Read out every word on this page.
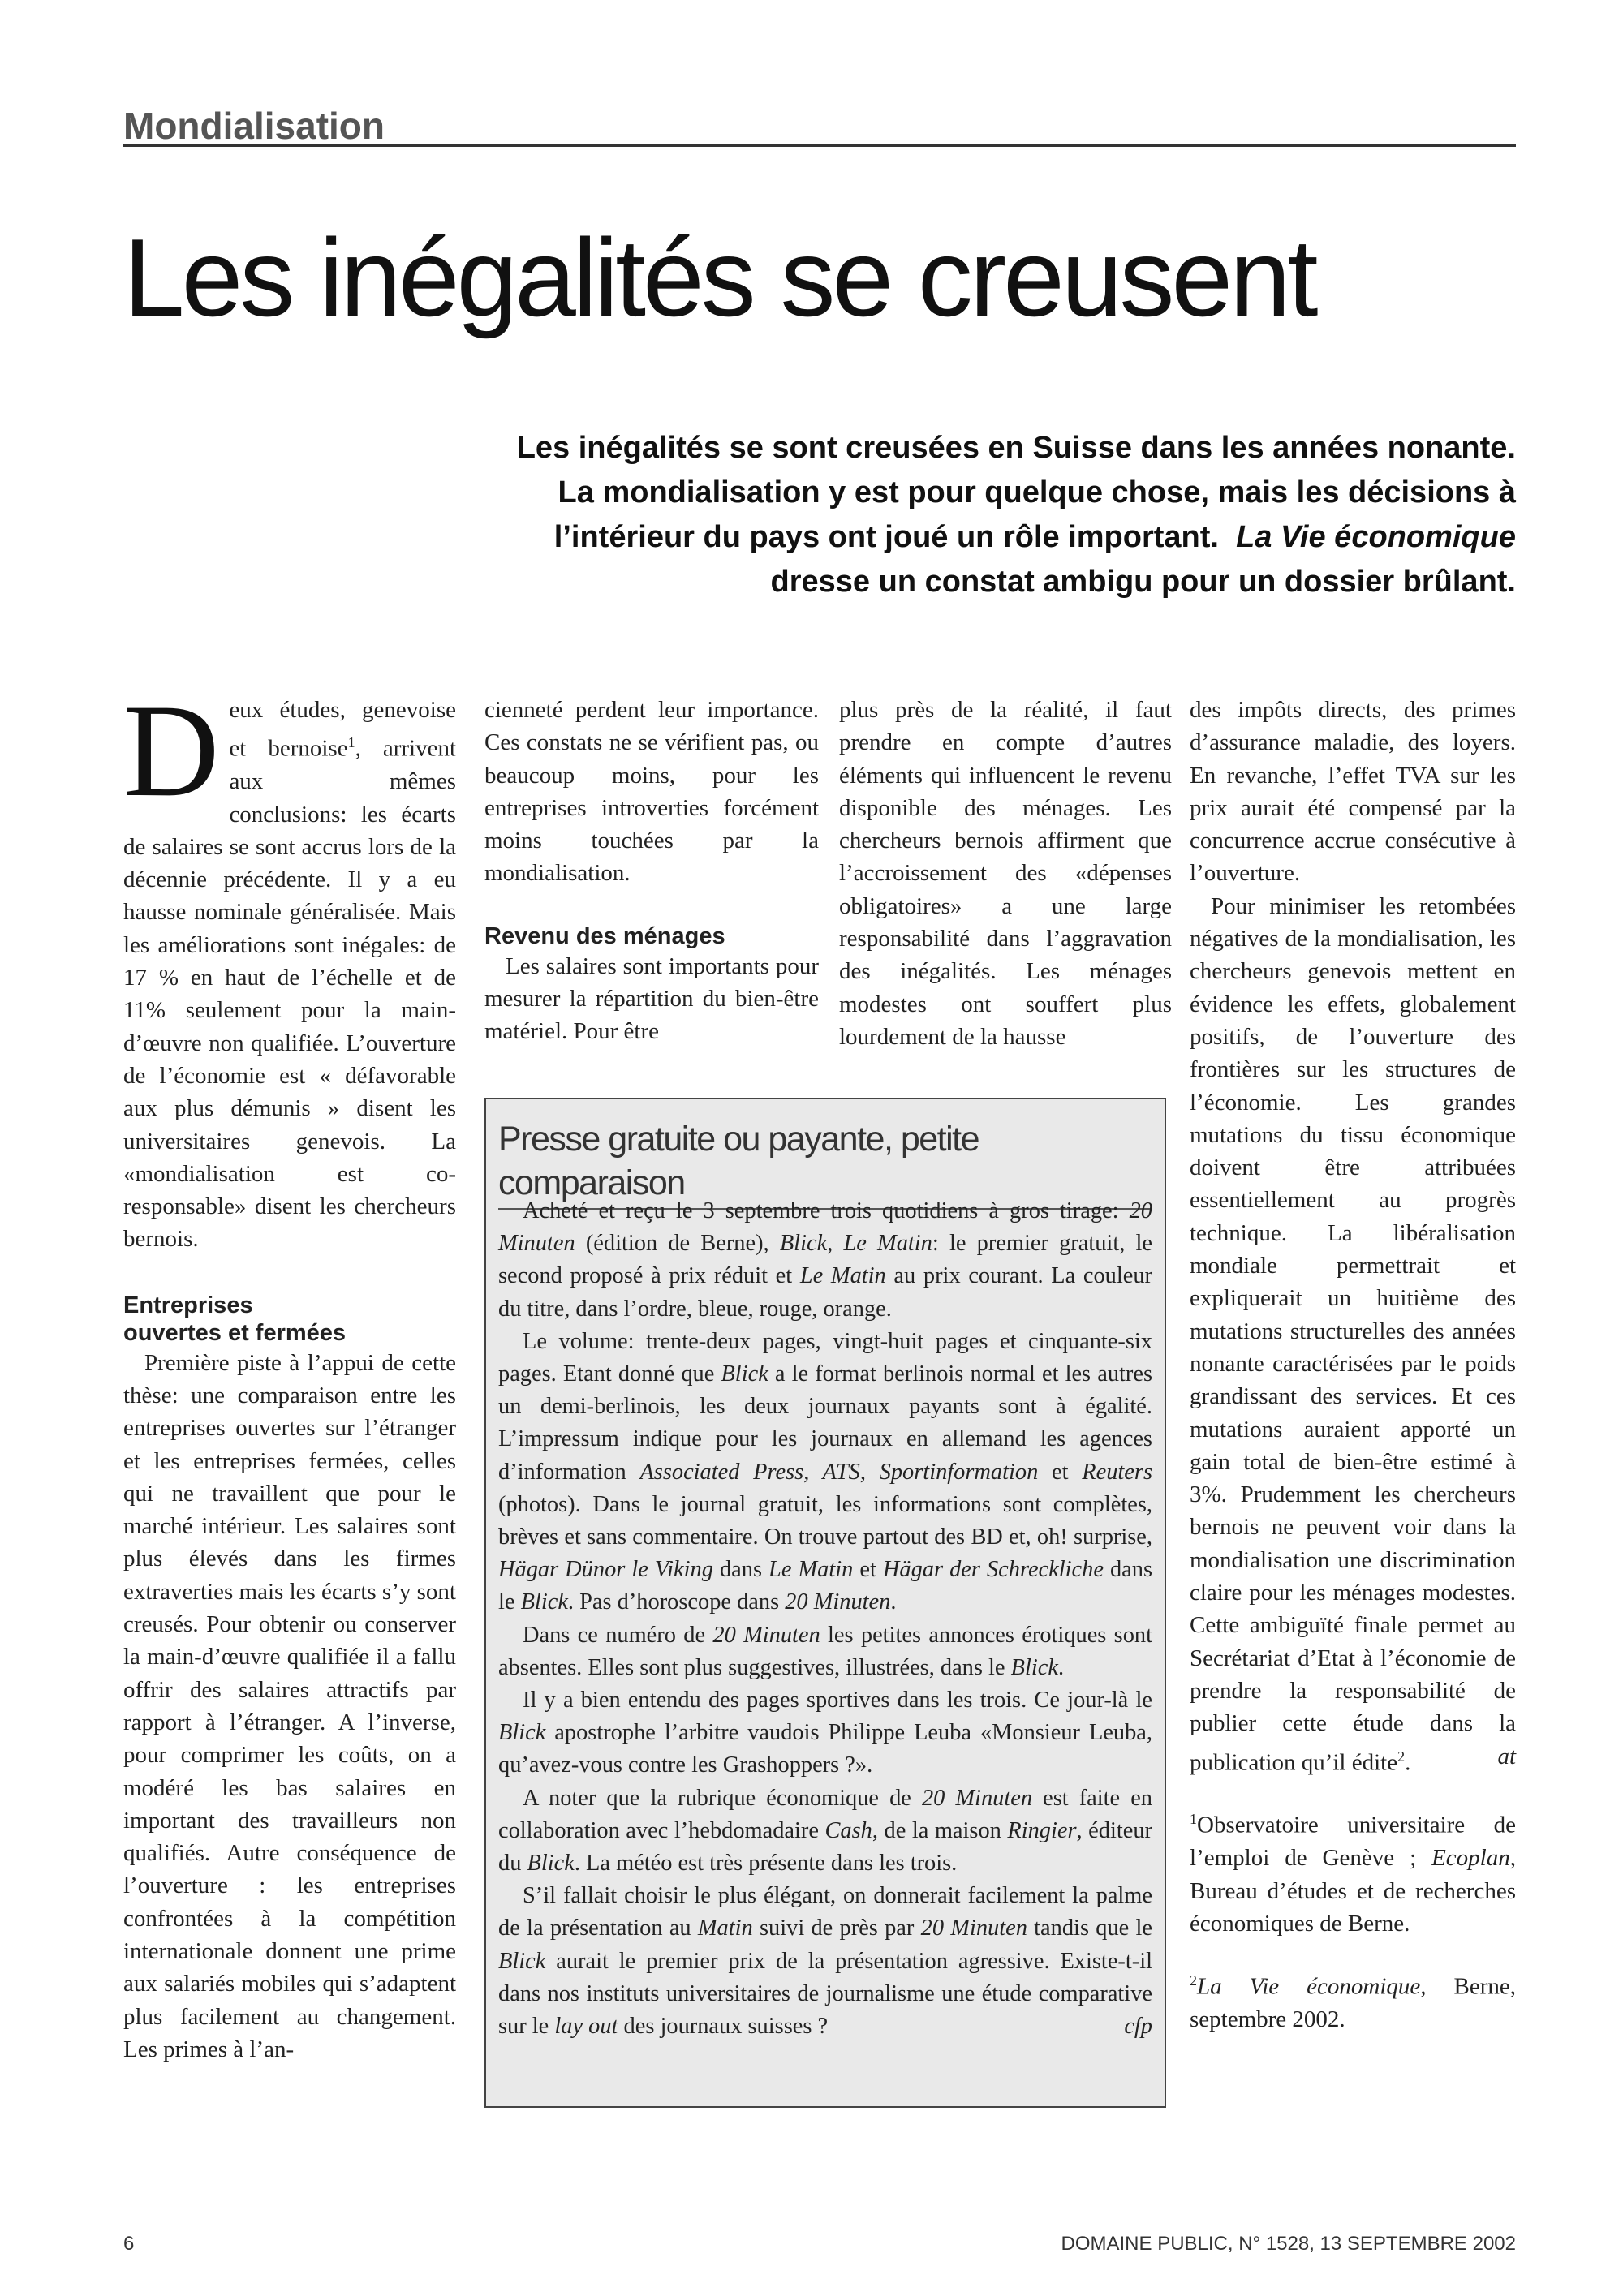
Mondialisation
Les inégalités se creusent
Les inégalités se sont creusées en Suisse dans les années nonante.
La mondialisation y est pour quelque chose, mais les décisions à
l’intérieur du pays ont joué un rôle important. La Vie économique
dresse un constat ambigu pour un dossier brûlant.

Deux études, genevoise et bernoise$^1$, arrivent aux mêmes conclusions: les écarts de salaires se sont accrus lors de la décennie précédente. Il y a eu hausse nominale généralisée. Mais les améliorations sont inégales: de 17 % en haut de l’échelle et de 11% seulement pour la main-d’œuvre non qualifiée. L’ouverture de l’économie est « défavorable aux plus démunis » disent les universitaires genevois. La «mondialisation est co-responsable» disent les chercheurs bernois.

Entreprises
ouvertes et fermées

Première piste à l’appui de cette thèse: une comparaison entre les entreprises ouvertes sur l’étranger et les entreprises fermées, celles qui ne travaillent que pour le marché intérieur. Les salaires sont plus élevés dans les firmes extraverties mais les écarts s’y sont creusés. Pour obtenir ou conserver la main-d’œuvre qualifiée il a fallu offrir des salaires attractifs par rapport à l’étranger. A l’inverse, pour comprimer les coûts, on a modéré les bas salaires en important des travailleurs non qualifiés. Autre conséquence de l’ouverture : les entreprises confrontées à la compétition internationale donnent une prime aux salariés mobiles qui s’adaptent plus facilement au changement. Les primes à l’an-

cienneté perdent leur importance. Ces constats ne se vérifient pas, ou beaucoup moins, pour les entreprises introverties forcément moins touchées par la mondialisation.

Revenu des ménages

Les salaires sont importants pour mesurer la répartition du bien-être matériel. Pour être

plus près de la réalité, il faut prendre en compte d’autres éléments qui influencent le revenu disponible des ménages. Les chercheurs bernois affirment que l’accroissement des «dépenses obligatoires» a une large responsabilité dans l’aggravation des inégalités. Les ménages modestes ont souffert plus lourdement de la hausse

des impôts directs, des primes d’assurance maladie, des loyers. En revanche, l’effet TVA sur les prix aurait été compensé par la concurrence accrue consécutive à l’ouverture.

Pour minimiser les retombées négatives de la mondialisation, les chercheurs genevois mettent en évidence les effets, globalement positifs, de l’ouverture des frontières sur les structures de l’économie. Les grandes mutations du tissu économique doivent être attribuées essentiellement au progrès technique. La libéralisation mondiale permettrait et expliquerait un huitième des mutations structurelles des années nonante caractérisées par le poids grandissant des services. Et ces mutations auraient apporté un gain total de bien-être estimé à 3%. Prudemment les chercheurs bernois ne peuvent voir dans la mondialisation une discrimination claire pour les ménages modestes. Cette ambiguïté finale permet au Secrétariat d’Etat à l’économie de prendre la responsabilité de publier cette étude dans la publication qu’il édite$^2$.	at

$^1$Observatoire universitaire de l’emploi de Genève ; Ecoplan, Bureau d’études et de recherches économiques de Berne.

$^2$La Vie économique, Berne, septembre 2002.

Presse gratuite ou payante, petite comparaison

Acheté et reçu le 3 septembre trois quotidiens à gros tirage: 20 Minuten (édition de Berne), Blick, Le Matin: le premier gratuit, le second proposé à prix réduit et Le Matin au prix courant. La couleur du titre, dans l’ordre, bleue, rouge, orange.

Le volume: trente-deux pages, vingt-huit pages et cinquante-six pages. Etant donné que Blick a le format berlinois normal et les autres un demi-berlinois, les deux journaux payants sont à égalité. L’impressum indique pour les journaux en allemand les agences d’information Associated Press, ATS, Sportinformation et Reuters (photos). Dans le journal gratuit, les informations sont complètes, brèves et sans commentaire. On trouve partout des BD et, oh! surprise, Hägar Dünor le Viking dans Le Matin et Hägar der Schreckliche dans le Blick. Pas d’horoscope dans 20 Minuten.

Dans ce numéro de 20 Minuten les petites annonces érotiques sont absentes. Elles sont plus suggestives, illustrées, dans le Blick.

Il y a bien entendu des pages sportives dans les trois. Ce jour-là le Blick apostrophe l’arbitre vaudois Philippe Leuba «Monsieur Leuba, qu’avez-vous contre les Grashoppers ?».

A noter que la rubrique économique de 20 Minuten est faite en collaboration avec l’hebdomadaire Cash, de la maison Ringier, éditeur du Blick. La météo est très présente dans les trois.

S’il fallait choisir le plus élégant, on donnerait facilement la palme de la présentation au Matin suivi de près par 20 Minuten tandis que le Blick aurait le premier prix de la présentation agressive. Existe-t-il dans nos instituts universitaires de journalisme une étude comparative sur le lay out des journaux suisses ?	cfp

6	DOMAINE PUBLIC, N° 1528, 13 SEPTEMBRE 2002
